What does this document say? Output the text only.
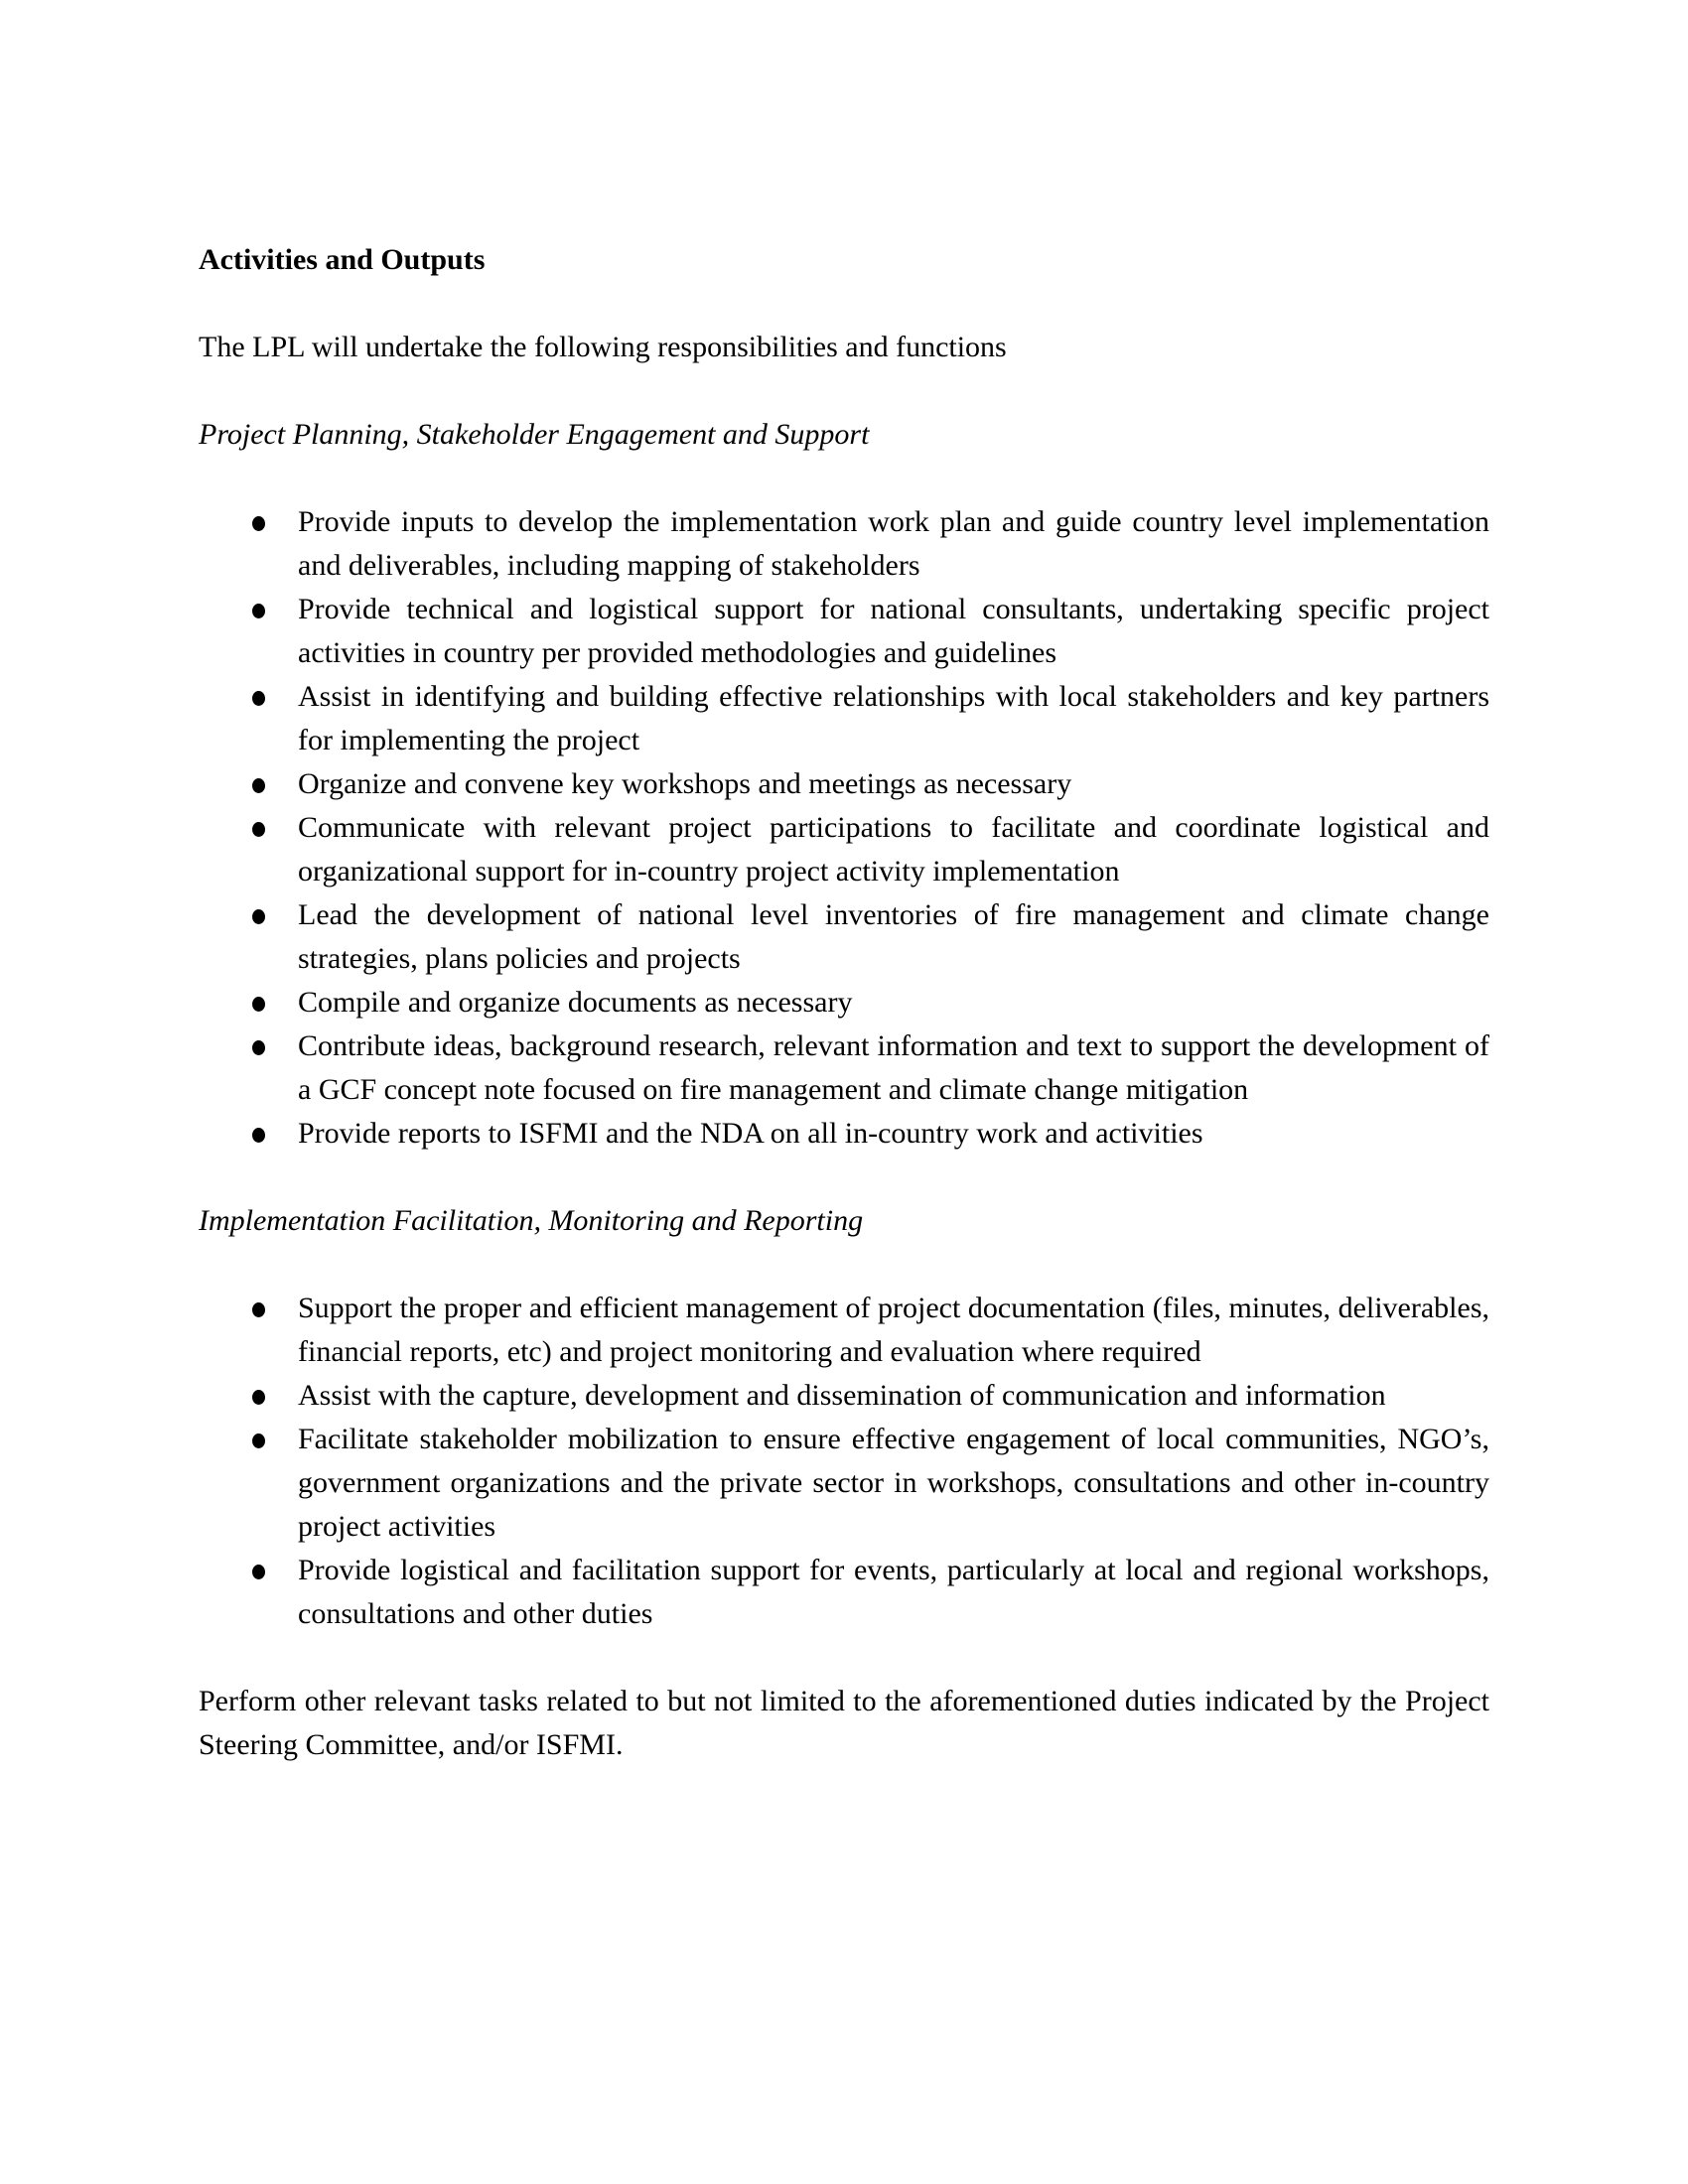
Activities and Outputs

The LPL will undertake the following responsibilities and functions

Project Planning, Stakeholder Engagement and Support

Provide inputs to develop the implementation work plan and guide country level implementation and deliverables, including mapping of stakeholders
Provide technical and logistical support for national consultants, undertaking specific project activities in country per provided methodologies and guidelines
Assist in identifying and building effective relationships with local stakeholders and key partners for implementing the project
Organize and convene key workshops and meetings as necessary
Communicate with relevant project participations to facilitate and coordinate logistical and organizational support for in-country project activity implementation
Lead the development of national level inventories of fire management and climate change strategies, plans policies and projects
Compile and organize documents as necessary
Contribute ideas, background research, relevant information and text to support the development of a GCF concept note focused on fire management and climate change mitigation
Provide reports to ISFMI and the NDA on all in-country work and activities

Implementation Facilitation, Monitoring and Reporting

Support the proper and efficient management of project documentation (files, minutes, deliverables, financial reports, etc) and project monitoring and evaluation where required
Assist with the capture, development and dissemination of communication and information
Facilitate stakeholder mobilization to ensure effective engagement of local communities, NGO’s, government organizations and the private sector in workshops, consultations and other in-country project activities
Provide logistical and facilitation support for events, particularly at local and regional workshops, consultations and other duties

Perform other relevant tasks related to but not limited to the aforementioned duties indicated by the Project Steering Committee, and/or ISFMI.
